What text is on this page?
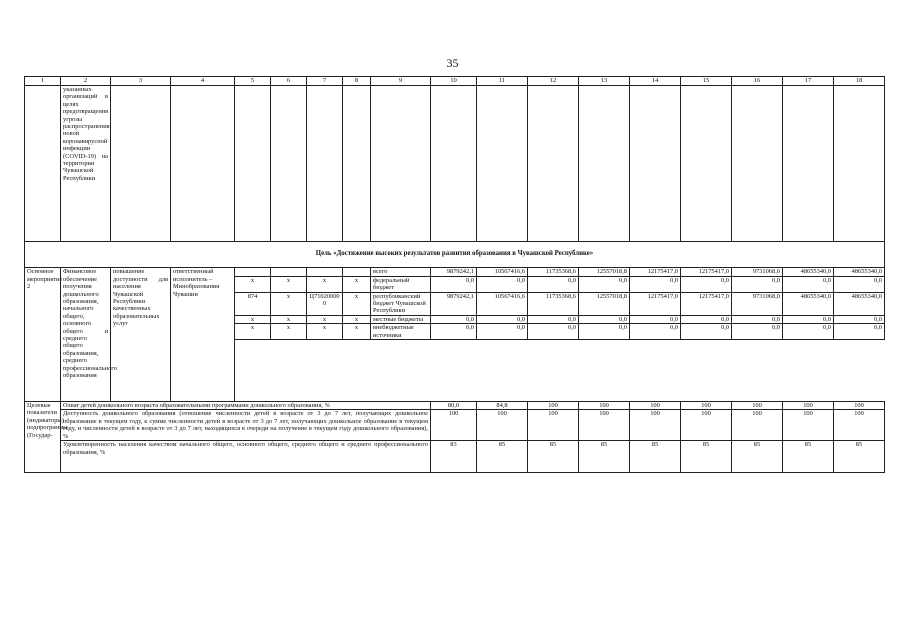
35
1	2	3	4	5	6	7	8	9	10	11	12	13	14	15	16	17	18
	указанных организаций в целях предотвращения угрозы распространения новой коронавирусной инфекции (COVID-19) на территории Чувашской Республики																
Цель «Достижение высоких результатов развития образования в Чувашской Республике»																	
Основное мероприятие 2	Финансовое обеспечение получения дошкольного образования, начального общего, основного общего и среднего общего образования, среднего профессионального образования	повышение доступности для населения Чувашской Республики качественных образовательных услуг	ответственный исполнитель – Минобразования Чувашии					всего	9879242,1	10567416,6	11735368,6	12557018,8	12175417,0	12175417,0	9731068,0	48655340,0	48655340,0
				x	x	x	x	федеральный бюджет	0,0	0,0	0,0	0,0	0,0	0,0	0,0	0,0	0,0
				874	x	Ц710200000	x	республиканский бюджет Чувашской Республики	9879242,1	10567416,6	11735368,6	12557018,8	12175417,0	12175417,0	9731068,0	48655340,0	48655340,0
				x	x	x	x	местные бюджеты	0,0	0,0	0,0	0,0	0,0	0,0	0,0	0,0	0,0
				x	x	x	x	внебюджетные источники	0,0	0,0	0,0	0,0	0,0	0,0	0,0	0,0	0,0

Целевые показатели (индикаторы) подпрограммы (Государ-	Охват детей дошкольного возраста образовательными программами дошкольного образования, %								80,0	84,8	100	100	100	100	100	100	100
	Доступность дошкольного образования (отношение численности детей в возрасте от 3 до 7 лет, получающих дошкольное образование в текущем году, к сумме численности детей в возрасте от 3 до 7 лет, получающих дошкольное образование в текущем году, и численности детей в возрасте от 3 до 7 лет, находящихся в очереди на получение в текущем году дошкольного образования), %								100	100	100	100	100	100	100	100	100
	Удовлетворенность населения качеством начального общего, основного общего, среднего общего и среднего профессионального образования, %								83	85	85	85	85	85	85	85	85
